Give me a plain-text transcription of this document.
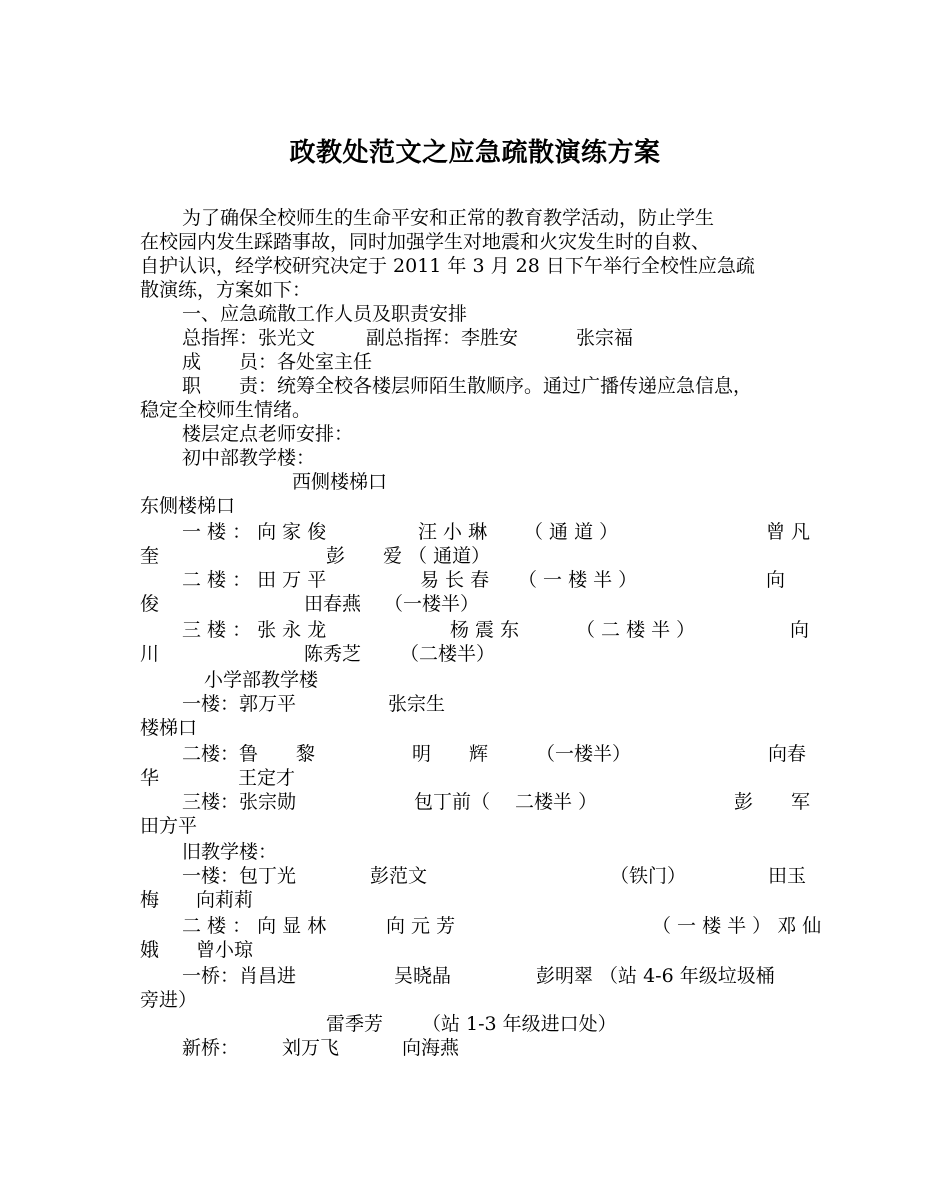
政教处范文之应急疏散演练方案
为了确保全校师生的生命平安和正常的教育教学活动，防止学生
在校园内发生踩踏事故，同时加强学生对地震和火灾发生时的自救、
自护认识，经学校研究决定于 2011 年 3 月 28 日下午举行全校性应急疏
散演练，方案如下：
一、应急疏散工作人员及职责安排
总指挥：张光文	副总指挥：李胜安	张宗福
成　　员：各处室主任
职　　责：统筹全校各楼层师陌生散顺序。通过广播传递应急信息，
稳定全校师生情绪。
楼层定点老师安排：
初中部教学楼：
西侧楼梯口
东侧楼梯口
一 楼 ： 向 家 俊	汪 小 琳 （ 通 道 ）	曾 凡
奎	彭　　爱 （ 通道）
二 楼 ： 田 万 平	易 长 春 （ 一 楼 半 ）	向
俊	田春燕 （一楼半）
三 楼 ： 张 永 龙	杨 震 东	（ 二 楼 半 ）	向
川	陈秀芝 （二楼半）
小学部教学楼
一楼：郭万平	张宗生
楼梯口
二楼：鲁　　黎	明　　辉	（一楼半）	向春
华	王定才
三楼：张宗勋	包丁前（　 二楼半 ）	彭　　军
田方平
旧教学楼：
一楼：包丁光	彭范文	（铁门）	田玉
梅 向莉莉
二 楼 ： 向 显 林	向 元 芳	（ 一 楼 半 ） 邓 仙
娥 曾小琼
一桥：肖昌进	吴晓晶	彭明翠 （站 4-6 年级垃圾桶
旁进）
雷季芳 （站 1-3 年级进口处）
新桥： 刘万飞	向海燕
